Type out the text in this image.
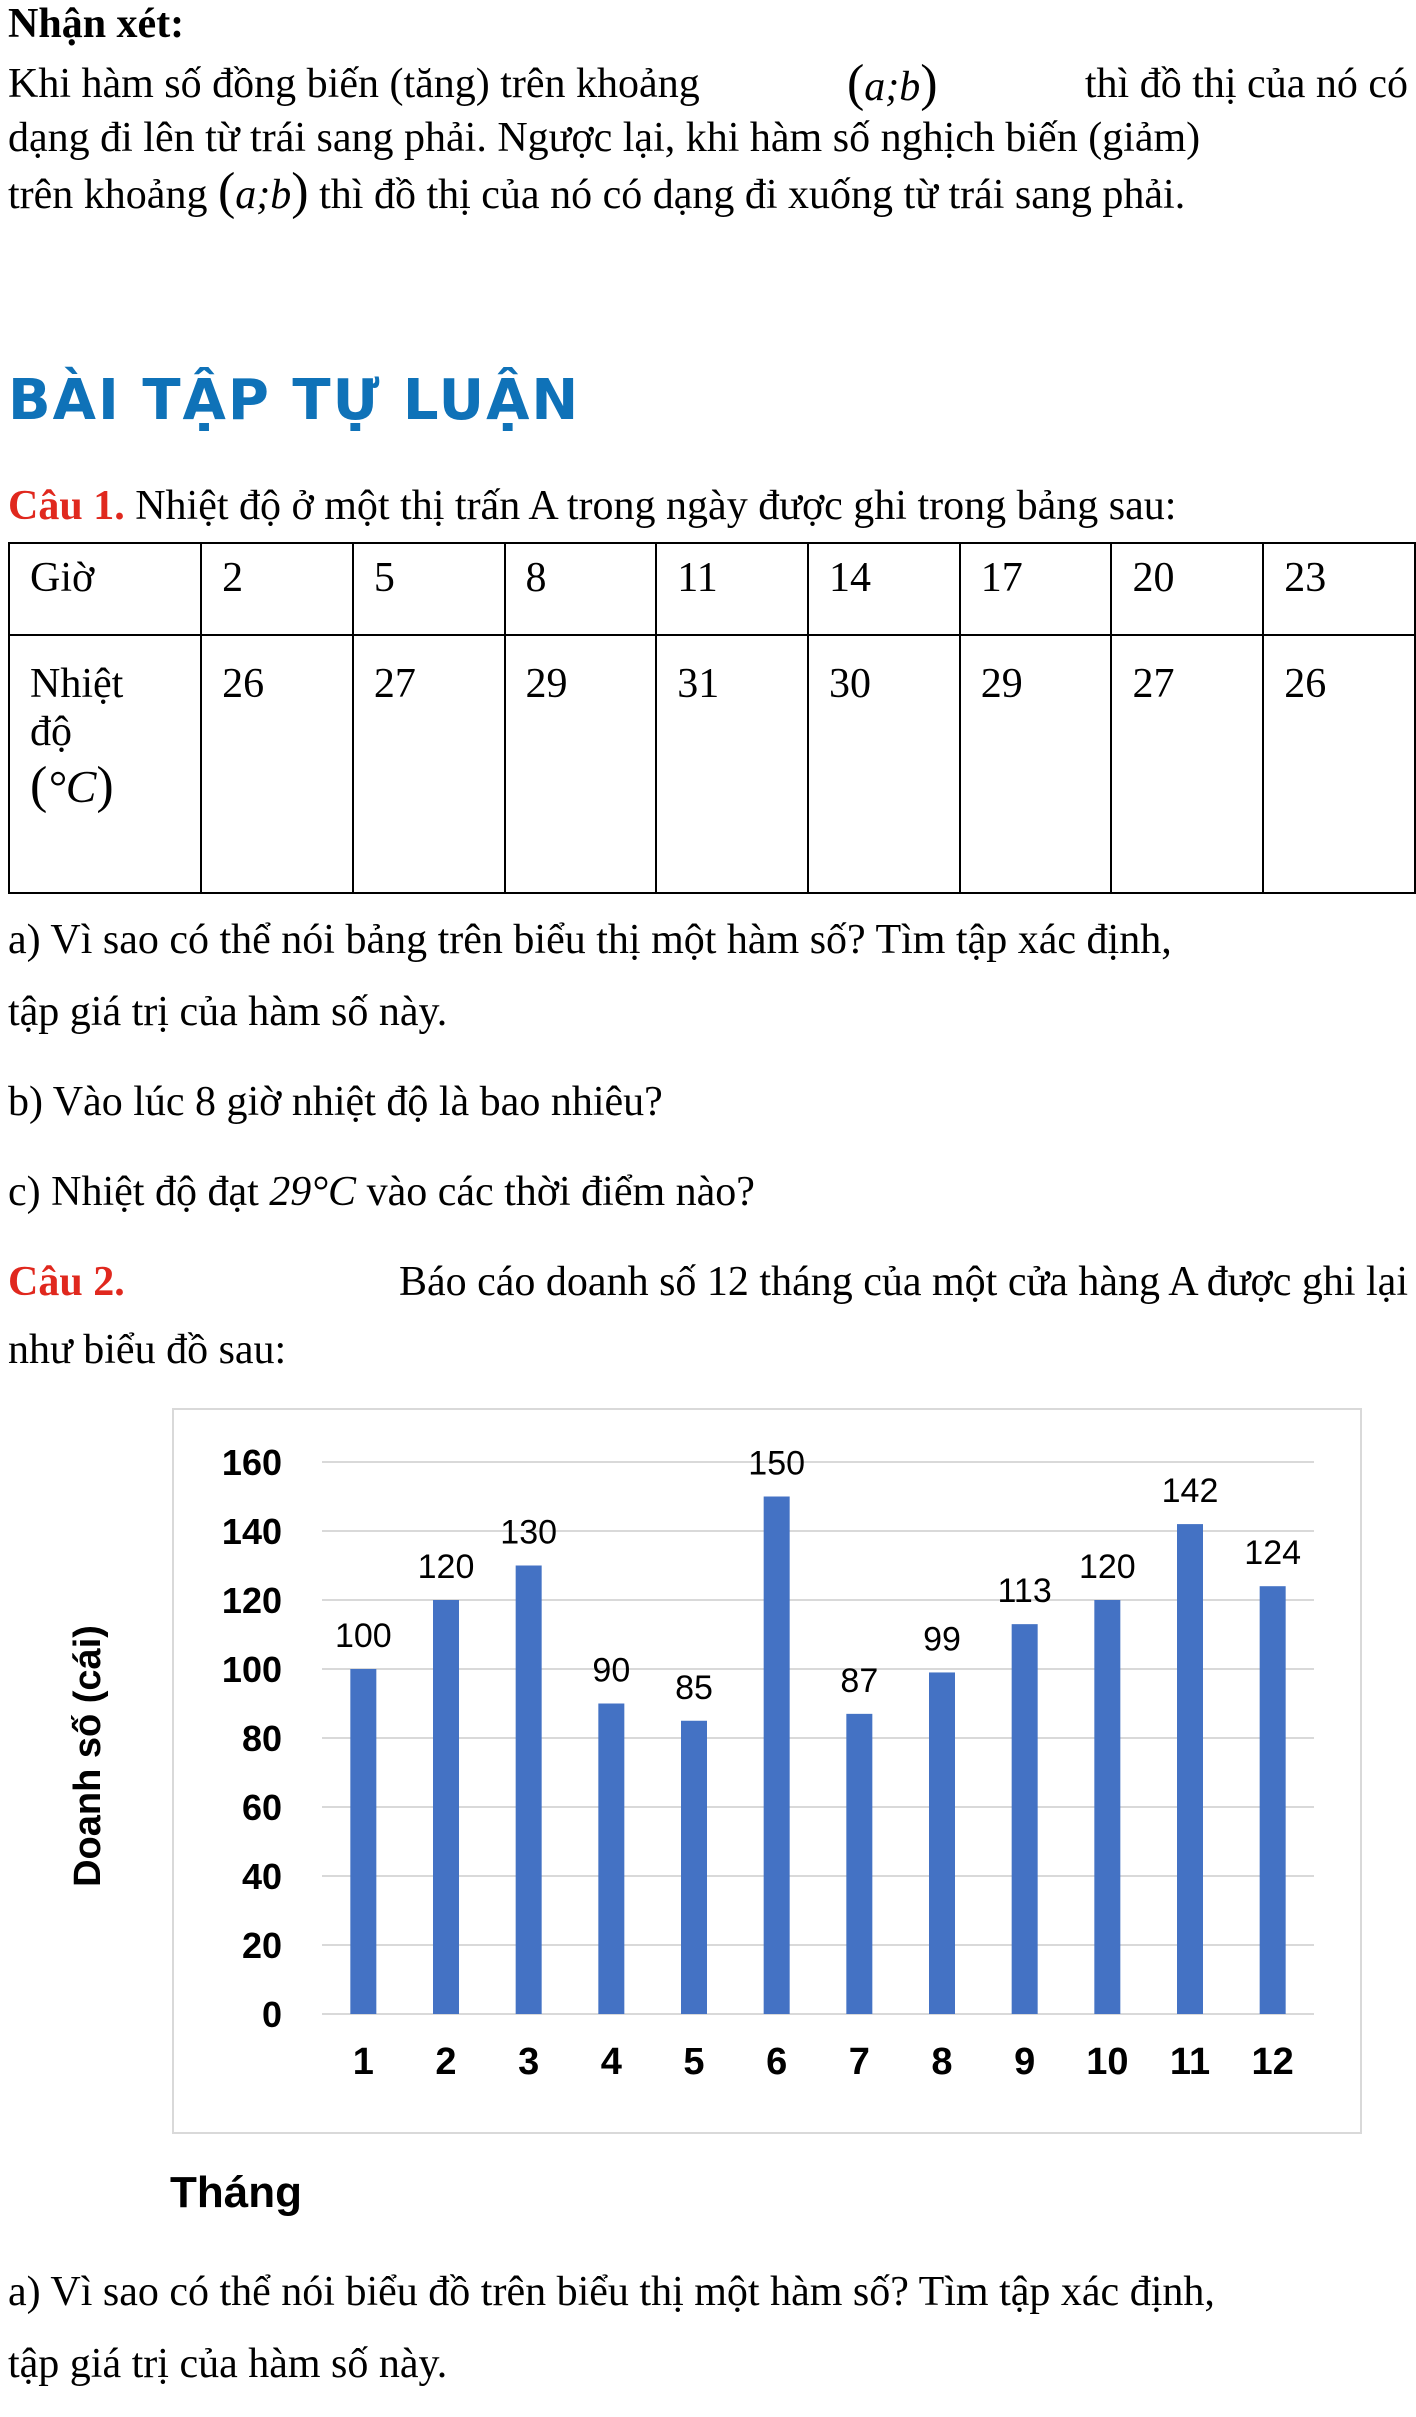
Nhận xét:
Khi hàm số đồng biến (tăng) trên khoảng	(a;b)	thì đồ thị của nó có
dạng đi lên từ trái sang phải. Ngược lại, khi hàm số nghịch biến (giảm)
trên khoảng (a;b) thì đồ thị của nó có dạng đi xuống từ trái sang phải.
BÀI TẬP TỰ LUẬN
Câu 1. Nhiệt độ ở một thị trấn A trong ngày được ghi trong bảng sau:
Giờ	2	5	8	11	14	17	20	23

Nhiệt
độ
(°C)	26	27	29	31	30	29	27	26
a) Vì sao có thể nói bảng trên biểu thị một hàm số? Tìm tập xác định,
tập giá trị của hàm số này.
b) Vào lúc 8 giờ nhiệt độ là bao nhiêu?
c) Nhiệt độ đạt 29°C vào các thời điểm nào?
Câu 2.	Báo cáo doanh số 12 tháng của một cửa hàng A được ghi lại
như biểu đồ sau:
0
20
40
60
80
100
120
140
160
100
1
120
2
130
3
90
4
85
5
150
6
87
7
99
8
113
9
120
10
142
11
124
12
Doanh số (cái)
Tháng
a) Vì sao có thể nói biểu đồ trên biểu thị một hàm số? Tìm tập xác định,
tập giá trị của hàm số này.
